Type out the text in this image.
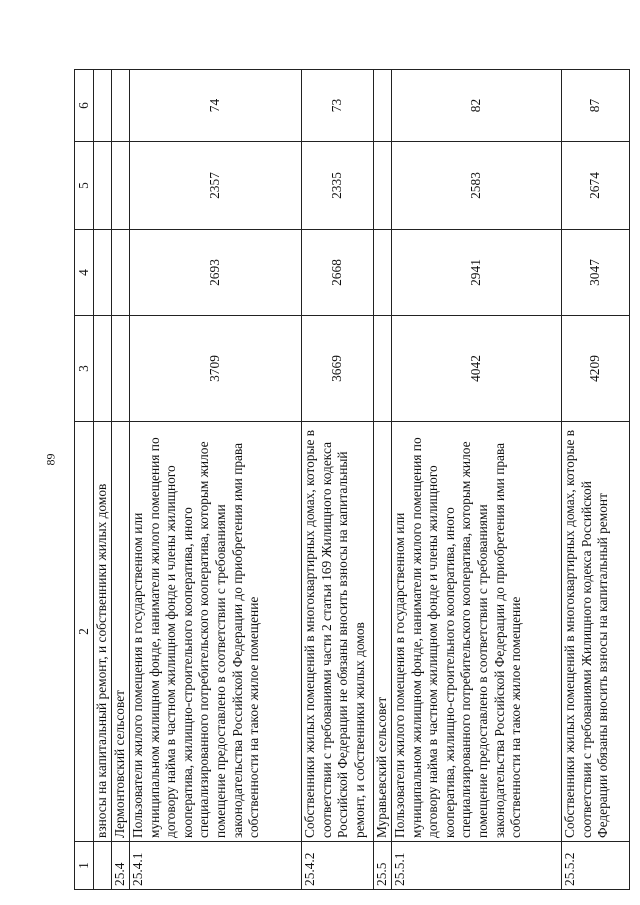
89
1	2	3	4	5	6
	взносы на капитальный ремонт, и собственники жилых домов				
25.4	Лермонтовский сельсовет				
25.4.1	Пользователи жилого помещения в государственном или муниципальном жилищном фонде, наниматели жилого помещения по договору найма в частном жилищном фонде и члены жилищного кооператива, жилищно-строительного кооператива, иного специализированного потребительского кооператива, которым жилое помещение предоставлено в соответствии с требованиями законодательства Российской Федерации до приобретения ими права собственности на такое жилое помещение	3709	2693	2357	74
25.4.2	Собственники жилых помещений в многоквартирных домах, которые в соответствии с требованиями части 2 статьи 169 Жилищного кодекса Российской Федерации не обязаны вносить взносы на капитальный ремонт, и собственники жилых домов	3669	2668	2335	73
25.5	Муравьевский сельсовет				
25.5.1	Пользователи жилого помещения в государственном или муниципальном жилищном фонде, наниматели жилого помещения по договору найма в частном жилищном фонде и члены жилищного кооператива, жилищно-строительного кооператива, иного специализированного потребительского кооператива, которым жилое помещение предоставлено в соответствии с требованиями законодательства Российской Федерации до приобретения ими права собственности на такое жилое помещение	4042	2941	2583	82
25.5.2	Собственники жилых помещений в многоквартирных домах, которые в соответствии с требованиями Жилищного кодекса Российской Федерации обязаны вносить взносы на капитальный ремонт	4209	3047	2674	87
